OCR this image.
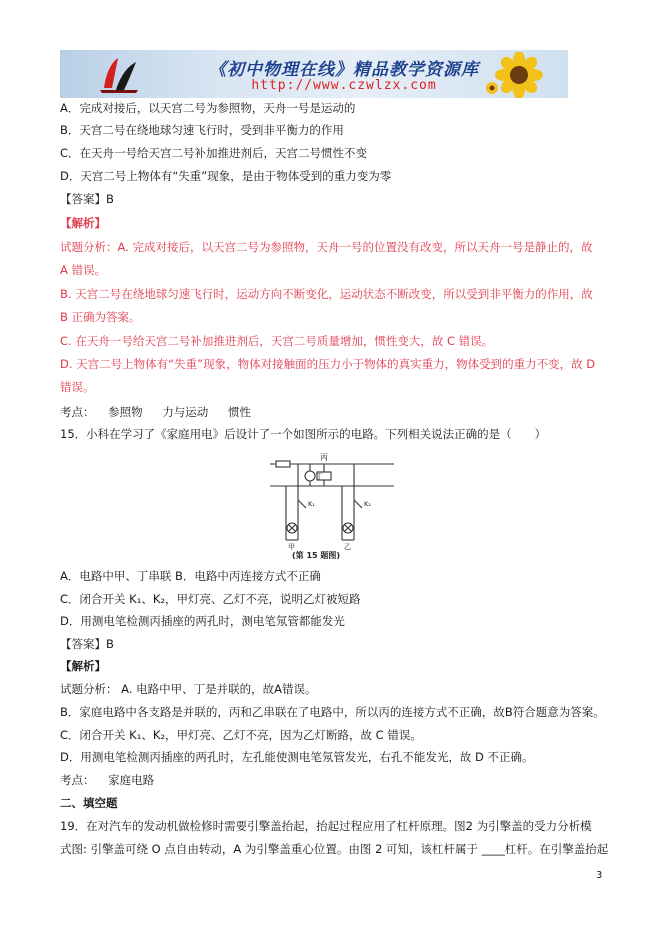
《初中物理在线》精品教学资源库
http://www.czwlzx.com
A．完成对接后，以天宫二号为参照物，天舟一号是运动的
B．天宫二号在绕地球匀速飞行时，受到非平衡力的作用
C．在天舟一号给天宫二号补加推进剂后，天宫二号惯性不变
D．天宫二号上物体有“失重”现象，是由于物体受到的重力变为零
【答案】B
【解析】
试题分析：A. 完成对接后，以天宫二号为参照物，天舟一号的位置没有改变，所以天舟一号是静止的，故
A 错误。
B. 天宫二号在绕地球匀速飞行时，运动方向不断变化，运动状态不断改变，所以受到非平衡力的作用，故
B 正确为答案。
C. 在天舟一号给天宫二号补加推进剂后，天宫二号质量增加，惯性变大，故 C 错误。
D. 天宫二号上物体有“失重”现象，物体对接触面的压力小于物体的真实重力，物体受到的重力不变，故 D
错误。
考点： 参照物 力与运动 惯性
15．小科在学习了《家庭用电》后设计了一个如图所示的电路。下列相关说法正确的是（　　）
丙
丁
K₁	K₂
甲	乙
(第 15 题图)
A．电路中甲、丁串联 B．电路中丙连接方式不正确
C．闭合开关 K₁、K₂，甲灯亮、乙灯不亮，说明乙灯被短路
D．用测电笔检测丙插座的两孔时，测电笔氖管都能发光
【答案】B
【解析】
试题分析： A. 电路中甲、丁是并联的，故A错误。
B．家庭电路中各支路是并联的，丙和乙串联在了电路中，所以丙的连接方式不正确，故B符合题意为答案。
C．闭合开关 K₁、K₂，甲灯亮、乙灯不亮，因为乙灯断路，故 C 错误。
D．用测电笔检测丙插座的两孔时，左孔能使测电笔氖管发光，右孔不能发光，故 D 不正确。
考点： 家庭电路
二、填空题
19．在对汽车的发动机做检修时需要引擎盖抬起，抬起过程应用了杠杆原理。图2 为引擎盖的受力分析模
式图: 引擎盖可绕 O 点自由转动，A 为引擎盖重心位置。由图 2 可知，该杠杆属于 ____杠杆。在引擎盖抬起
3
